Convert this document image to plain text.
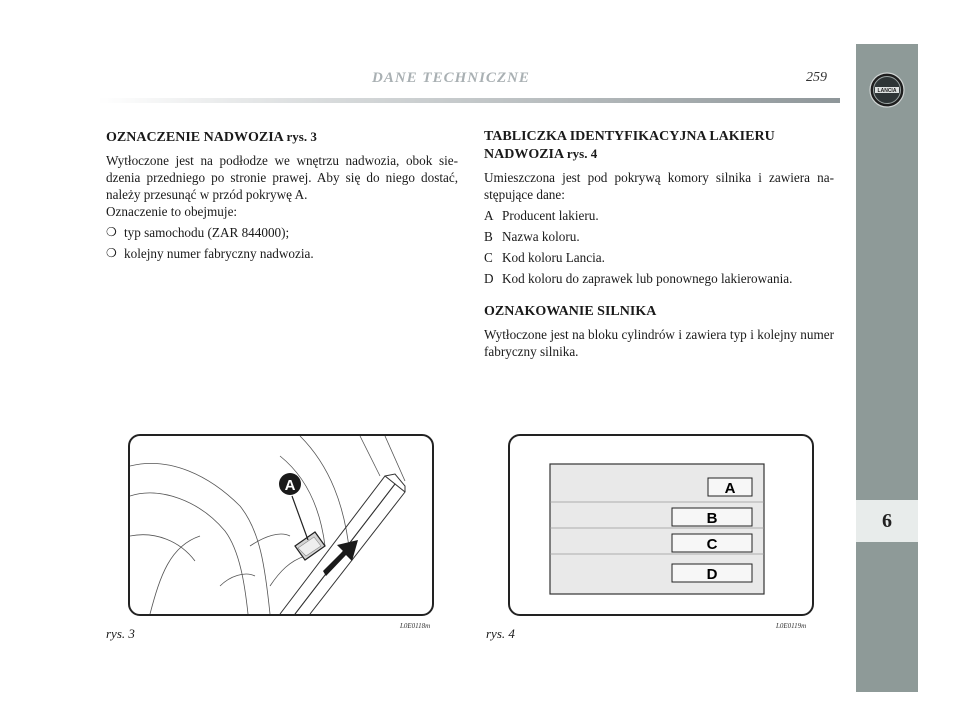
DANE TECHNICZNE	259
LANCIA
6
OZNACZENIE NADWOZIA rys. 3

Wytłoczone jest na podłodze we wnętrzu nadwozia, obok siedzenia przedniego po stronie prawej. Aby się do niego dostać, należy przesunąć w przód pokrywę A.

Oznaczenie to obejmuje:

❍ typ samochodu (ZAR 844000);
❍ kolejny numer fabryczny nadwozia.
TABLICZKA IDENTYFIKACYJNA LAKIERU
NADWOZIA rys. 4

Umieszczona jest pod pokrywą komory silnika i zawiera następujące dane:

A Producent lakieru.
B Nazwa koloru.
C Kod koloru Lancia.
D Kod koloru do zaprawek lub ponownego lakierowania.
OZNAKOWANIE SILNIKA

Wytłoczone jest na bloku cylindrów i zawiera typ i kolejny numer fabryczny silnika.

A
rys. 3	L0E0118m
A
B
C
D
rys. 4	L0E0119m
